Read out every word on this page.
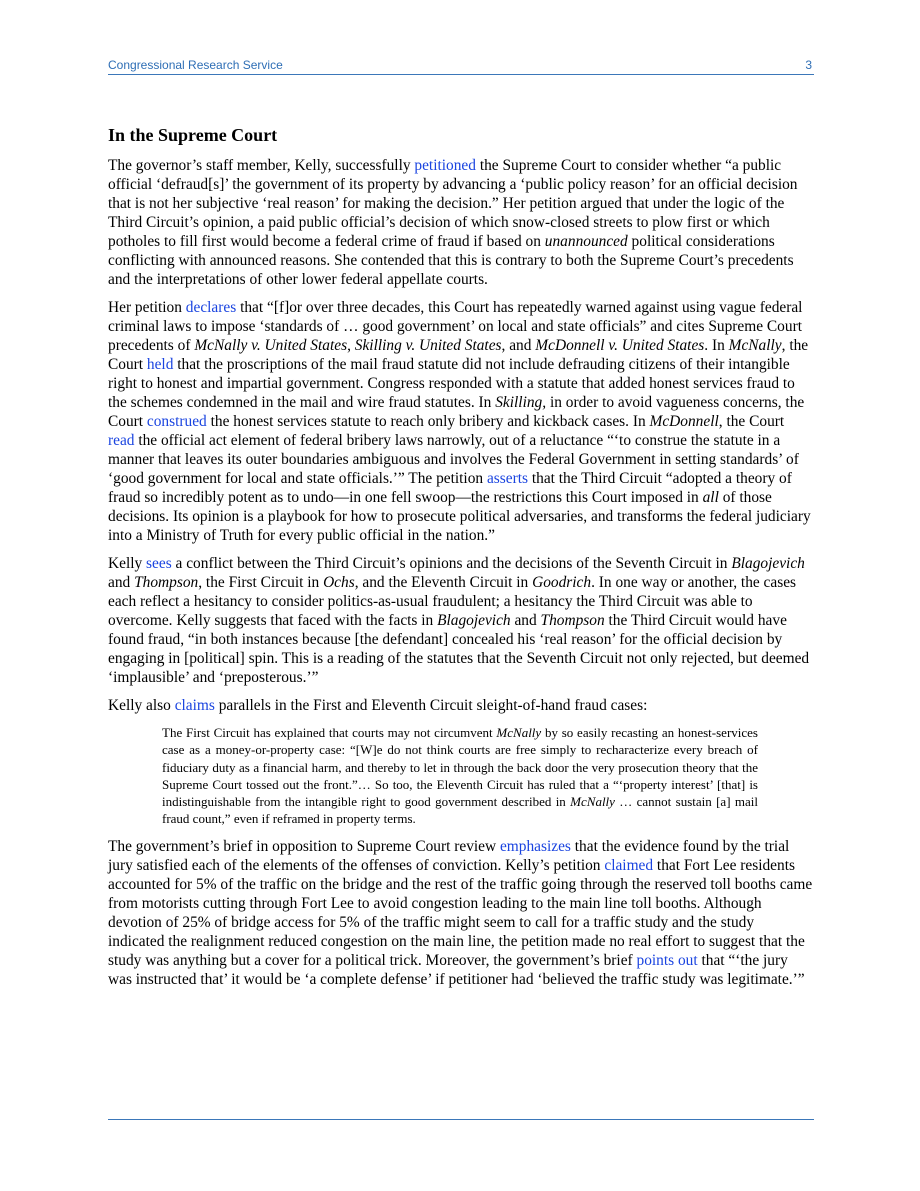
Congressional Research Service	3
In the Supreme Court

The governor’s staff member, Kelly, successfully petitioned the Supreme Court to consider whether “a public official ‘defraud[s]’ the government of its property by advancing a ‘public policy reason’ for an official decision that is not her subjective ‘real reason’ for making the decision.” Her petition argued that under the logic of the Third Circuit’s opinion, a paid public official’s decision of which snow-closed streets to plow first or which potholes to fill first would become a federal crime of fraud if based on unannounced political considerations conflicting with announced reasons. She contended that this is contrary to both the Supreme Court’s precedents and the interpretations of other lower federal appellate courts.

Her petition declares that “[f]or over three decades, this Court has repeatedly warned against using vague federal criminal laws to impose ‘standards of … good government’ on local and state officials” and cites Supreme Court precedents of McNally v. United States, Skilling v. United States, and McDonnell v. United States. In McNally, the Court held that the proscriptions of the mail fraud statute did not include defrauding citizens of their intangible right to honest and impartial government. Congress responded with a statute that added honest services fraud to the schemes condemned in the mail and wire fraud statutes. In Skilling, in order to avoid vagueness concerns, the Court construed the honest services statute to reach only bribery and kickback cases. In McDonnell, the Court read the official act element of federal bribery laws narrowly, out of a reluctance “‘to construe the statute in a manner that leaves its outer boundaries ambiguous and involves the Federal Government in setting standards’ of ‘good government for local and state officials.’” The petition asserts that the Third Circuit “adopted a theory of fraud so incredibly potent as to undo—in one fell swoop—the restrictions this Court imposed in all of those decisions. Its opinion is a playbook for how to prosecute political adversaries, and transforms the federal judiciary into a Ministry of Truth for every public official in the nation.”

Kelly sees a conflict between the Third Circuit’s opinions and the decisions of the Seventh Circuit in Blagojevich and Thompson, the First Circuit in Ochs, and the Eleventh Circuit in Goodrich. In one way or another, the cases each reflect a hesitancy to consider politics-as-usual fraudulent; a hesitancy the Third Circuit was able to overcome. Kelly suggests that faced with the facts in Blagojevich and Thompson the Third Circuit would have found fraud, “in both instances because [the defendant] concealed his ‘real reason’ for the official decision by engaging in [political] spin. This is a reading of the statutes that the Seventh Circuit not only rejected, but deemed ‘implausible’ and ‘preposterous.’”

Kelly also claims parallels in the First and Eleventh Circuit sleight-of-hand fraud cases:

The First Circuit has explained that courts may not circumvent McNally by so easily recasting an honest-services case as a money-or-property case: “[W]e do not think courts are free simply to recharacterize every breach of fiduciary duty as a financial harm, and thereby to let in through the back door the very prosecution theory that the Supreme Court tossed out the front.”… So too, the Eleventh Circuit has ruled that a “‘property interest’ [that] is indistinguishable from the intangible right to good government described in McNally … cannot sustain [a] mail fraud count,” even if reframed in property terms.

The government’s brief in opposition to Supreme Court review emphasizes that the evidence found by the trial jury satisfied each of the elements of the offenses of conviction. Kelly’s petition claimed that Fort Lee residents accounted for 5% of the traffic on the bridge and the rest of the traffic going through the reserved toll booths came from motorists cutting through Fort Lee to avoid congestion leading to the main line toll booths. Although devotion of 25% of bridge access for 5% of the traffic might seem to call for a traffic study and the study indicated the realignment reduced congestion on the main line, the petition made no real effort to suggest that the study was anything but a cover for a political trick. Moreover, the government’s brief points out that “‘the jury was instructed that’ it would be ‘a complete defense’ if petitioner had ‘believed the traffic study was legitimate.’”
